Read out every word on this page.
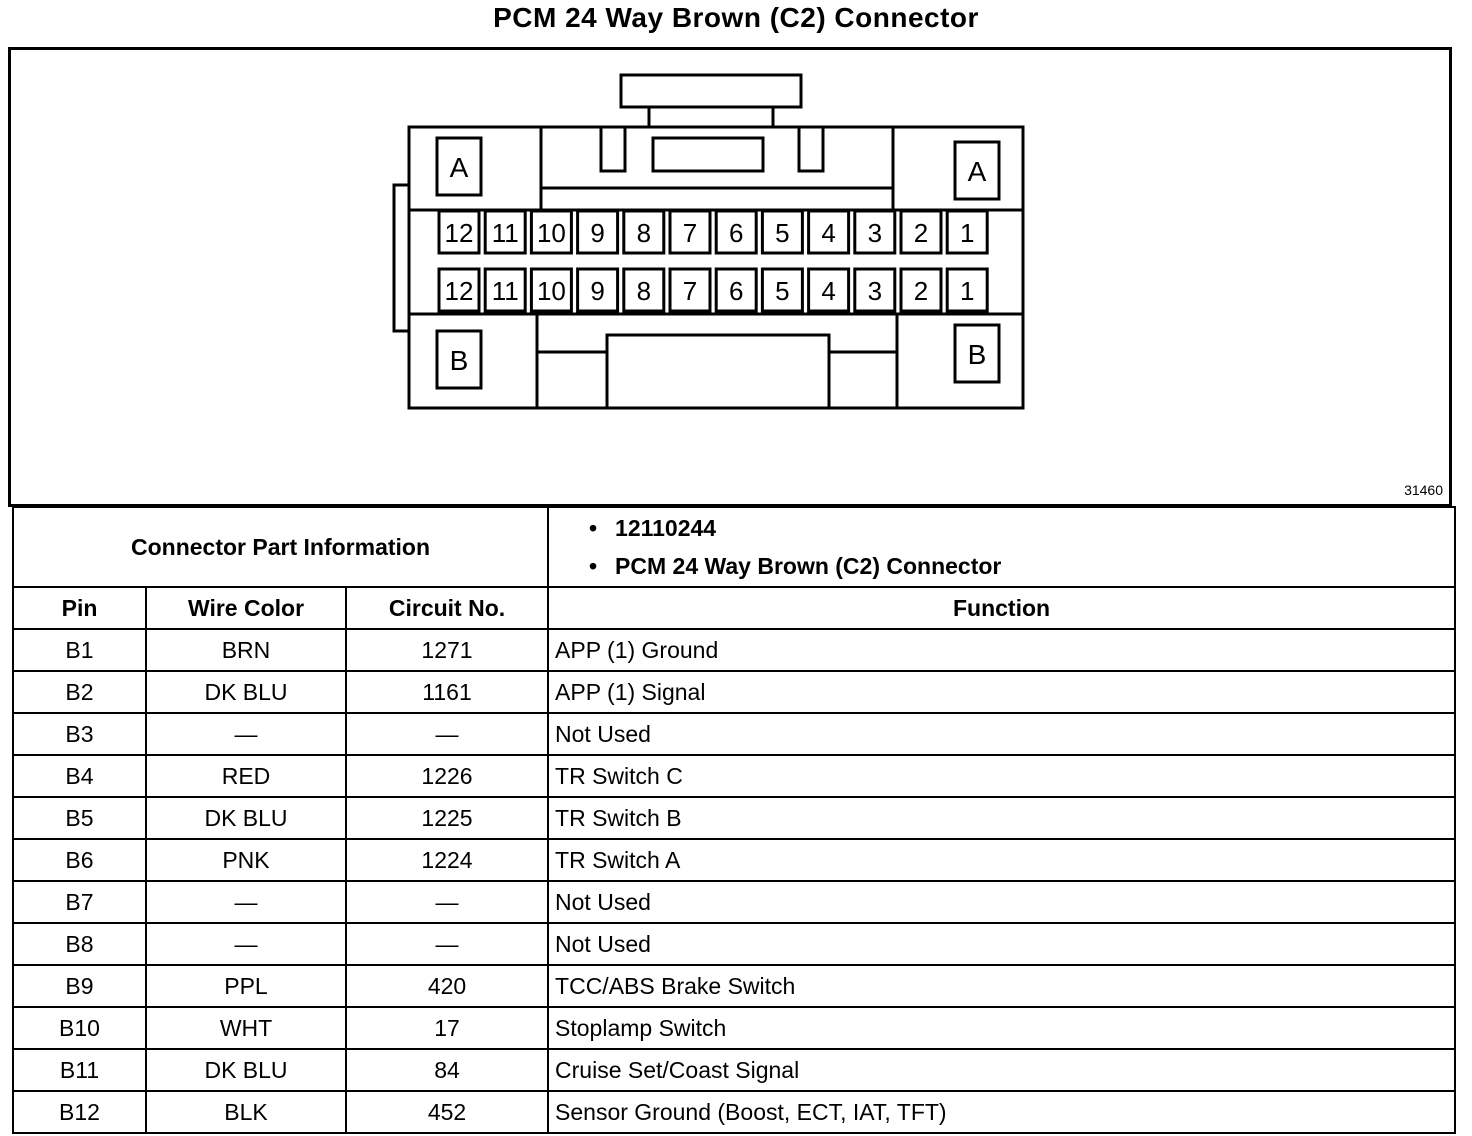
PCM 24 Way Brown (C2) Connector
A	A
B	B
12 11 10 9 8 7 6 5 4 3 2 1
12 11 10 9 8 7 6 5 4 3 2 1
31460
Connector Part Information			• 12110244
• PCM 24 Way Brown (C2) Connector

Pin	Wire Color	Circuit No.	Function
B1	BRN	1271	APP (1) Ground
B2	DK BLU	1161	APP (1) Signal
B3	—	—	Not Used
B4	RED	1226	TR Switch C
B5	DK BLU	1225	TR Switch B
B6	PNK	1224	TR Switch A
B7	—	—	Not Used
B8	—	—	Not Used
B9	PPL	420	TCC/ABS Brake Switch
B10	WHT	17	Stoplamp Switch
B11	DK BLU	84	Cruise Set/Coast Signal
B12	BLK	452	Sensor Ground (Boost, ECT, IAT, TFT)
